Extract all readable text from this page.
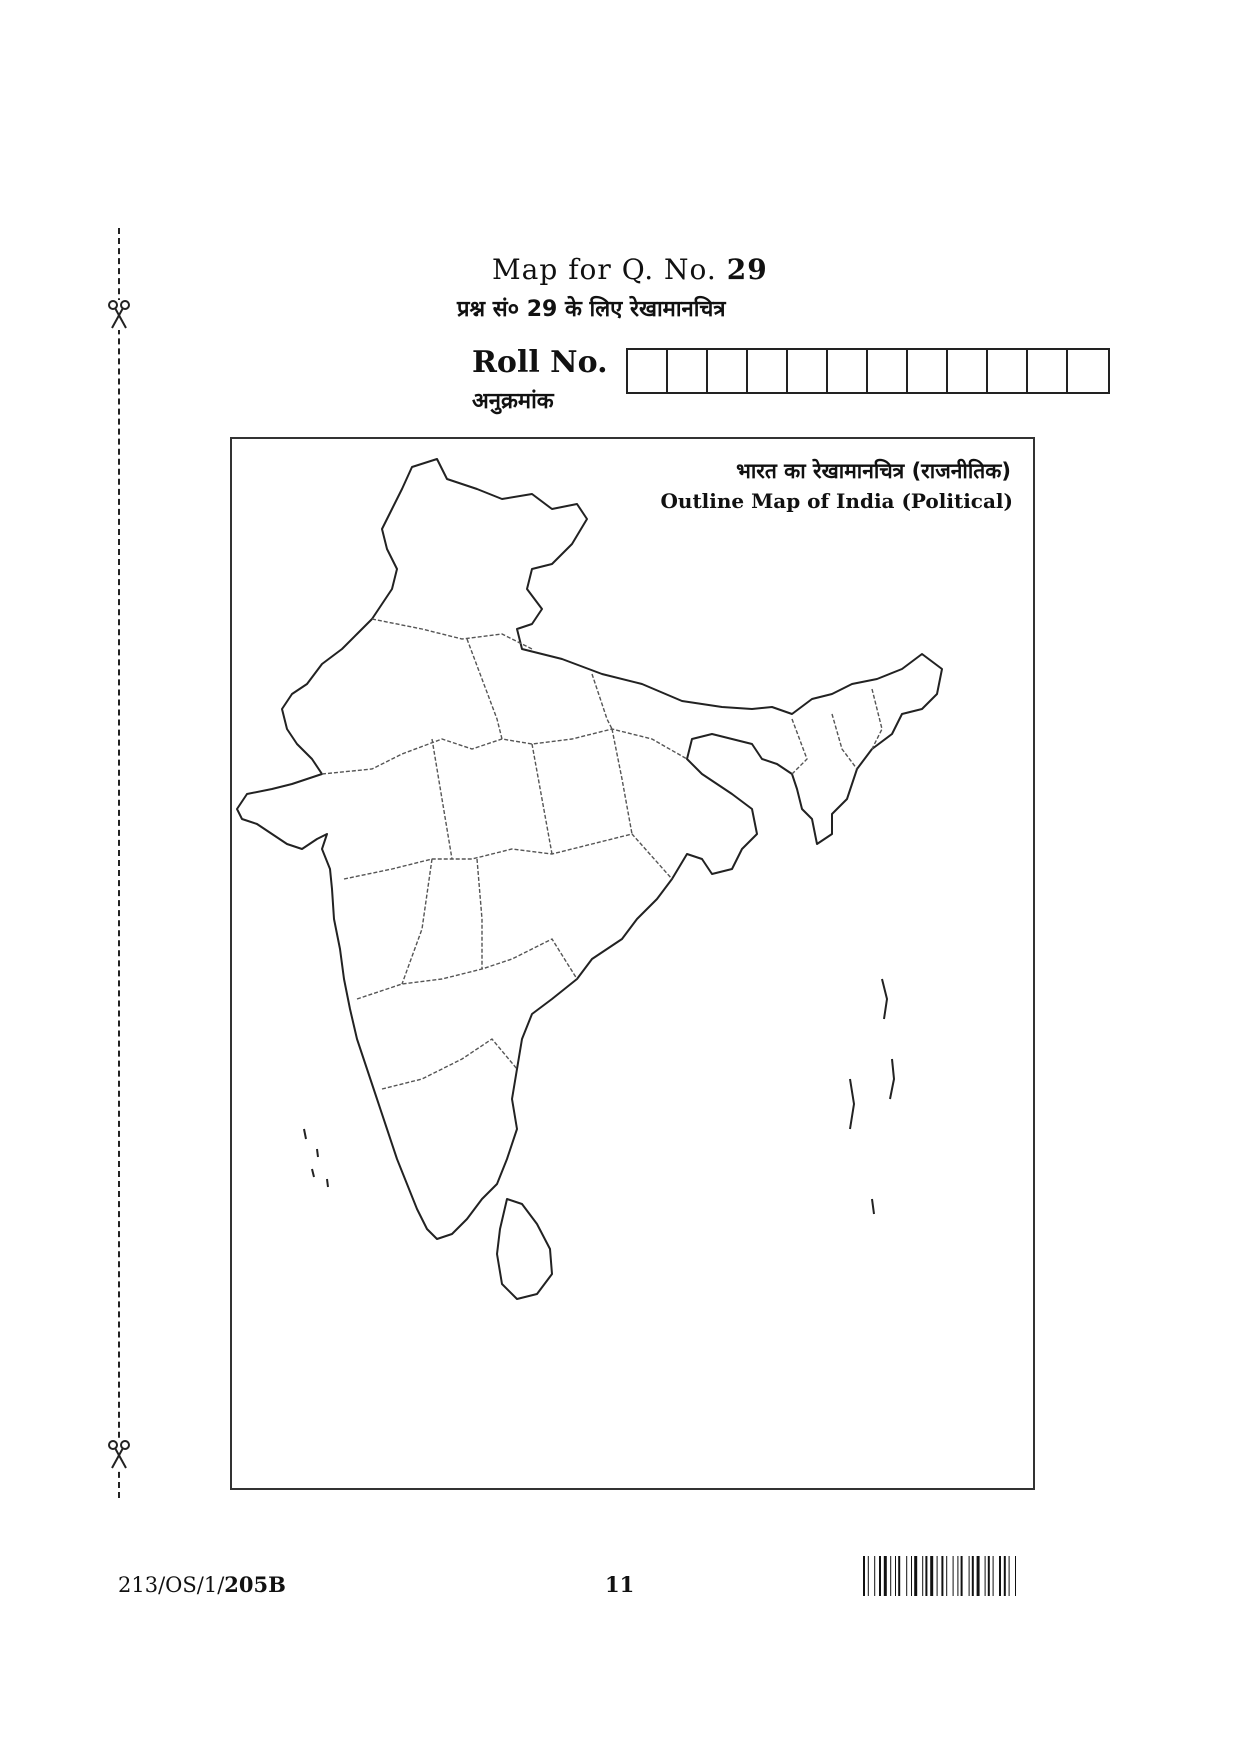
Map for Q. No. 29
प्रश्न सं० 29 के लिए रेखामानचित्र
Roll No.
अनुक्रमांक
भारत का रेखामानचित्र (राजनीतिक)
Outline Map of India (Political)
213/OS/1/205B	11
